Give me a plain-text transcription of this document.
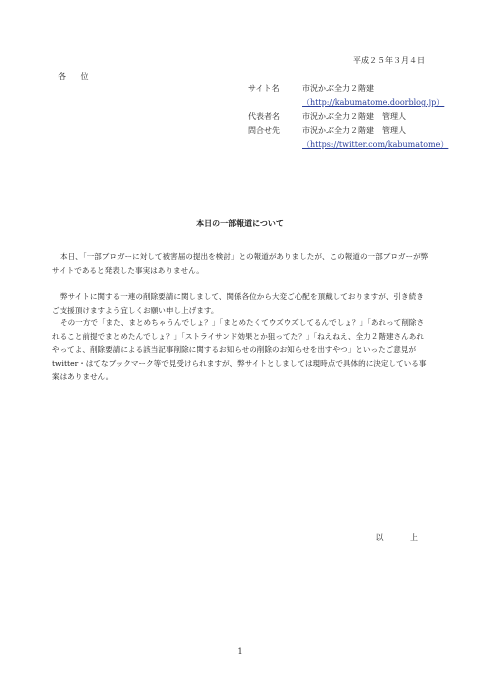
平成２５年３月４日
各 位
サイト名	市況かぶ全力２階建
（http://kabumatome.doorblog.jp）
代表者名	市況かぶ全力２階建　管理人
問合せ先	市況かぶ全力２階建　管理人
（https://twitter.com/kabumatome）
本日の一部報道について

本日、「一部ブロガーに対して被害届の提出を検討」との報道がありましたが、この報道の一部ブロガーが弊サイトであると発表した事実はありません。

弊サイトに関する一連の削除要請に関しまして、関係各位から大変ご心配を頂戴しておりますが、引き続きご支援頂けますよう宜しくお願い申し上げます。

その一方で「また、まとめちゃうんでしょ？」「まとめたくてウズウズしてるんでしょ？」「あれって削除されること前提でまとめたんでしょ？」「ストライサンド効果とか狙ってた？」「ねえねえ、全力２階建さんあれやってよ、削除要請による該当記事削除に関するお知らせの削除のお知らせを出すやつ」といったご意見がtwitter・はてなブックマーク等で見受けられますが、弊サイトとしましては現時点で具体的に決定している事案はありません。

以 上
1
